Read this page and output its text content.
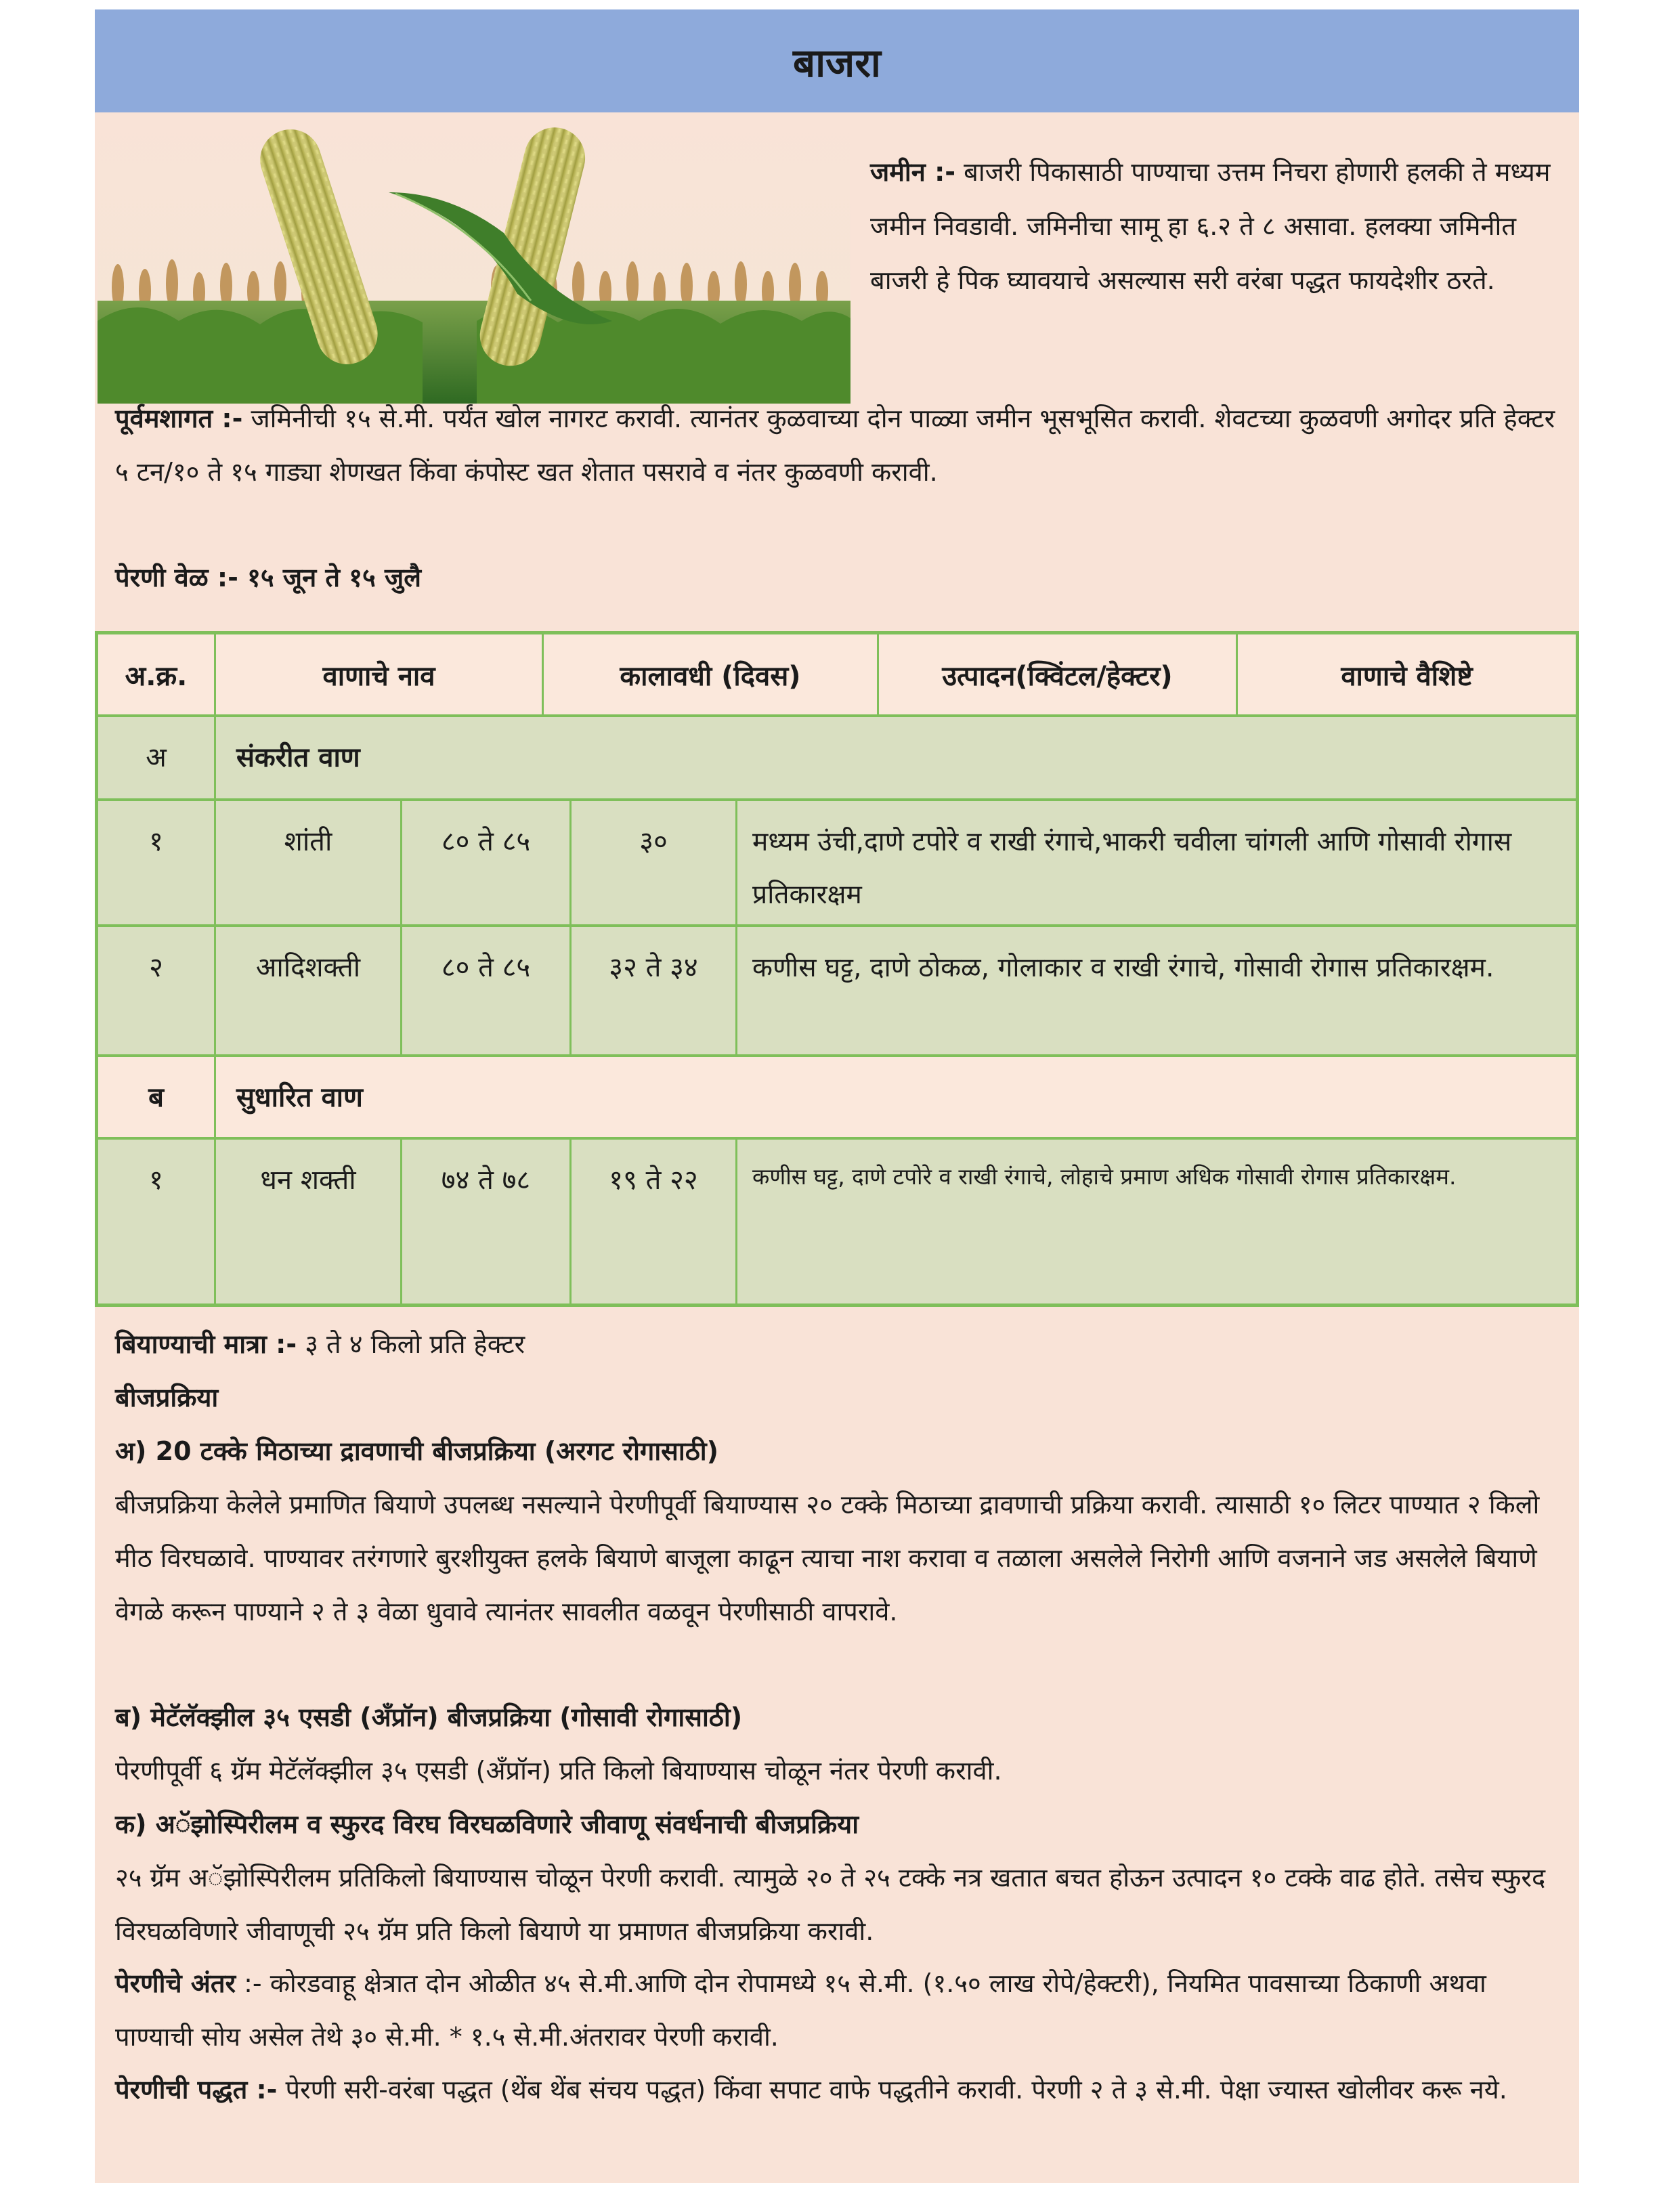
बाजरा
जमीन :- बाजरी पिकासाठी पाण्याचा उत्तम निचरा होणारी हलकी ते मध्यम जमीन निवडावी. जमिनीचा सामू हा ६.२ ते ८ असावा. हलक्या जमिनीत बाजरी हे पिक घ्यावयाचे असल्यास सरी वरंबा पद्धत फायदेशीर ठरते.
पूर्वमशागत :- जमिनीची १५ से.मी. पर्यंत खोल नागरट करावी. त्यानंतर कुळवाच्या दोन पाळ्या जमीन भूसभूसित करावी. शेवटच्या कुळवणी अगोदर प्रति हेक्टर ५ टन/१० ते १५ गाड्या शेणखत किंवा कंपोस्ट खत शेतात पसरावे व नंतर कुळवणी करावी.
पेरणी वेळ :- १५ जून ते १५ जुलै
अ.क्र.	वाणाचे नाव	कालावधी (दिवस)	उत्पादन(क्विंटल/हेक्टर)	वाणाचे वैशिष्टे
अ	संकरीत वाण
१	शांती	८० ते ८५	३०	मध्यम उंची,दाणे टपोरे व राखी रंगाचे,भाकरी चवीला चांगली आणि गोसावी रोगास प्रतिकारक्षम
२	आदिशक्ती	८० ते ८५	३२ ते ३४	कणीस घट्ट, दाणे ठोकळ, गोलाकार व राखी रंगाचे, गोसावी रोगास प्रतिकारक्षम.
ब	सुधारित वाण
१	धन शक्ती	७४ ते ७८	१९ ते २२	कणीस घट्ट, दाणे टपोरे व राखी रंगाचे, लोहाचे प्रमाण अधिक गोसावी रोगास प्रतिकारक्षम.
बियाण्याची मात्रा :- ३ ते ४ किलो प्रति हेक्टर
बीजप्रक्रिया
अ) 20 टक्के मिठाच्या द्रावणाची बीजप्रक्रिया (अरगट रोगासाठी)
बीजप्रक्रिया केलेले प्रमाणित बियाणे उपलब्ध नसल्याने पेरणीपूर्वी बियाण्यास २० टक्के मिठाच्या द्रावणाची प्रक्रिया करावी. त्यासाठी १० लिटर पाण्यात २ किलो मीठ विरघळावे. पाण्यावर तरंगणारे बुरशीयुक्त हलके बियाणे बाजूला काढून त्याचा नाश करावा व तळाला असलेले निरोगी आणि वजनाने जड असलेले बियाणे वेगळे करून पाण्याने २ ते ३ वेळा धुवावे त्यानंतर सावलीत वळवून पेरणीसाठी वापरावे.
ब) मेटॅलॅक्झील ३५ एसडी (अँप्रॉन) बीजप्रक्रिया (गोसावी रोगासाठी)
पेरणीपूर्वी ६ ग्रॅम मेटॅलॅक्झील ३५ एसडी (अँप्रॉन) प्रति किलो बियाण्यास चोळून नंतर पेरणी करावी.
क) अॅझोस्पिरीलम व स्फुरद विरघ विरघळविणारे जीवाणू संवर्धनाची बीजप्रक्रिया
२५ ग्रॅम अॅझोस्पिरीलम प्रतिकिलो बियाण्यास चोळून पेरणी करावी. त्यामुळे २० ते २५ टक्के नत्र खतात बचत होऊन उत्पादन १० टक्के वाढ होते. तसेच स्फुरद विरघळविणारे जीवाणूची २५ ग्रॅम प्रति किलो बियाणे या प्रमाणत बीजप्रक्रिया करावी.
पेरणीचे अंतर :- कोरडवाहू क्षेत्रात दोन ओळीत ४५ से.मी.आणि दोन रोपामध्ये १५ से.मी. (१.५० लाख रोपे/हेक्टरी), नियमित पावसाच्या ठिकाणी अथवा पाण्याची सोय असेल तेथे ३० से.मी. * १.५ से.मी.अंतरावर पेरणी करावी.
पेरणीची पद्धत :- पेरणी सरी-वरंबा पद्धत (थेंब थेंब संचय पद्धत) किंवा सपाट वाफे पद्धतीने करावी. पेरणी २ ते ३ से.मी. पेक्षा ज्यास्त खोलीवर करू नये.
